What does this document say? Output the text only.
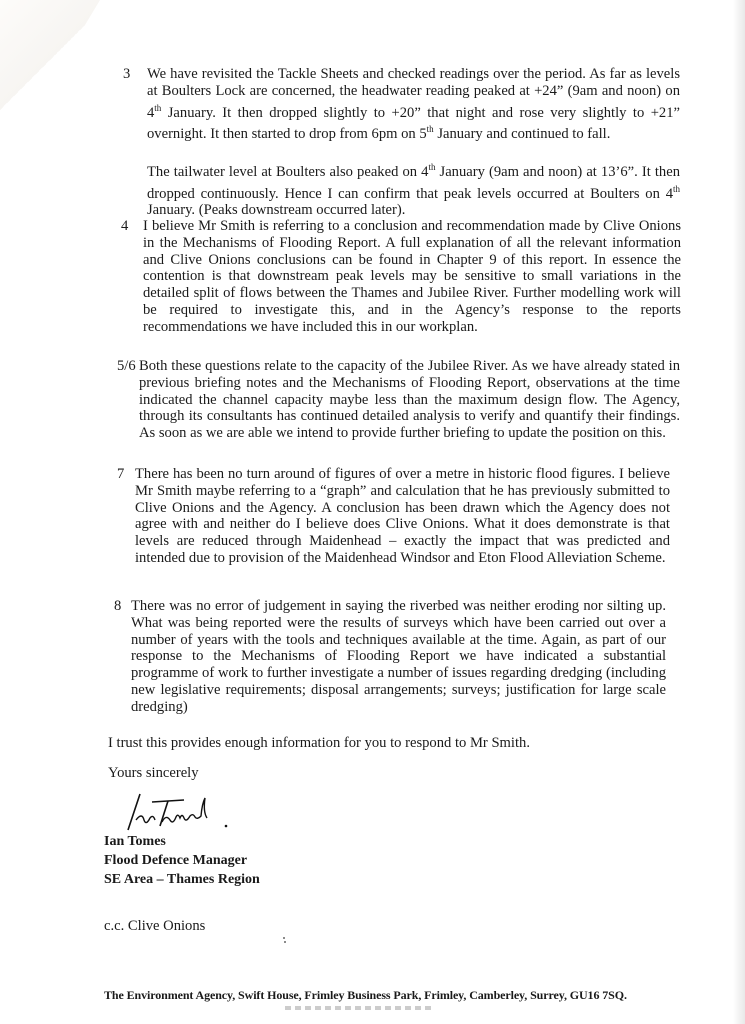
3 We have revisited the Tackle Sheets and checked readings over the period. As far as levels at Boulters Lock are concerned, the headwater reading peaked at +24” (9am and noon) on 4th January. It then dropped slightly to +20” that night and rose very slightly to +21” overnight. It then started to drop from 6pm on 5th January and continued to fall.

The tailwater level at Boulters also peaked on 4th January (9am and noon) at 13’6”. It then dropped continuously. Hence I can confirm that peak levels occurred at Boulters on 4th January. (Peaks downstream occurred later).

4 I believe Mr Smith is referring to a conclusion and recommendation made by Clive Onions in the Mechanisms of Flooding Report. A full explanation of all the relevant information and Clive Onions conclusions can be found in Chapter 9 of this report. In essence the contention is that downstream peak levels may be sensitive to small variations in the detailed split of flows between the Thames and Jubilee River. Further modelling work will be required to investigate this, and in the Agency’s response to the reports recommendations we have included this in our workplan.

5/6 Both these questions relate to the capacity of the Jubilee River. As we have already stated in previous briefing notes and the Mechanisms of Flooding Report, observations at the time indicated the channel capacity maybe less than the maximum design flow. The Agency, through its consultants has continued detailed analysis to verify and quantify their findings. As soon as we are able we intend to provide further briefing to update the position on this.

7 There has been no turn around of figures of over a metre in historic flood figures. I believe Mr Smith maybe referring to a “graph” and calculation that he has previously submitted to Clive Onions and the Agency. A conclusion has been drawn which the Agency does not agree with and neither do I believe does Clive Onions. What it does demonstrate is that levels are reduced through Maidenhead – exactly the impact that was predicted and intended due to provision of the Maidenhead Windsor and Eton Flood Alleviation Scheme.

8 There was no error of judgement in saying the riverbed was neither eroding nor silting up. What was being reported were the results of surveys which have been carried out over a number of years with the tools and techniques available at the time. Again, as part of our response to the Mechanisms of Flooding Report we have indicated a substantial programme of work to further investigate a number of issues regarding dredging (including new legislative requirements; disposal arrangements; surveys; justification for large scale dredging)

I trust this provides enough information for you to respond to Mr Smith.
Yours sincerely
Ian Tomes
Flood Defence Manager
SE Area – Thames Region
c.c. Clive Onions
The Environment Agency, Swift House, Frimley Business Park, Frimley, Camberley, Surrey, GU16 7SQ.
